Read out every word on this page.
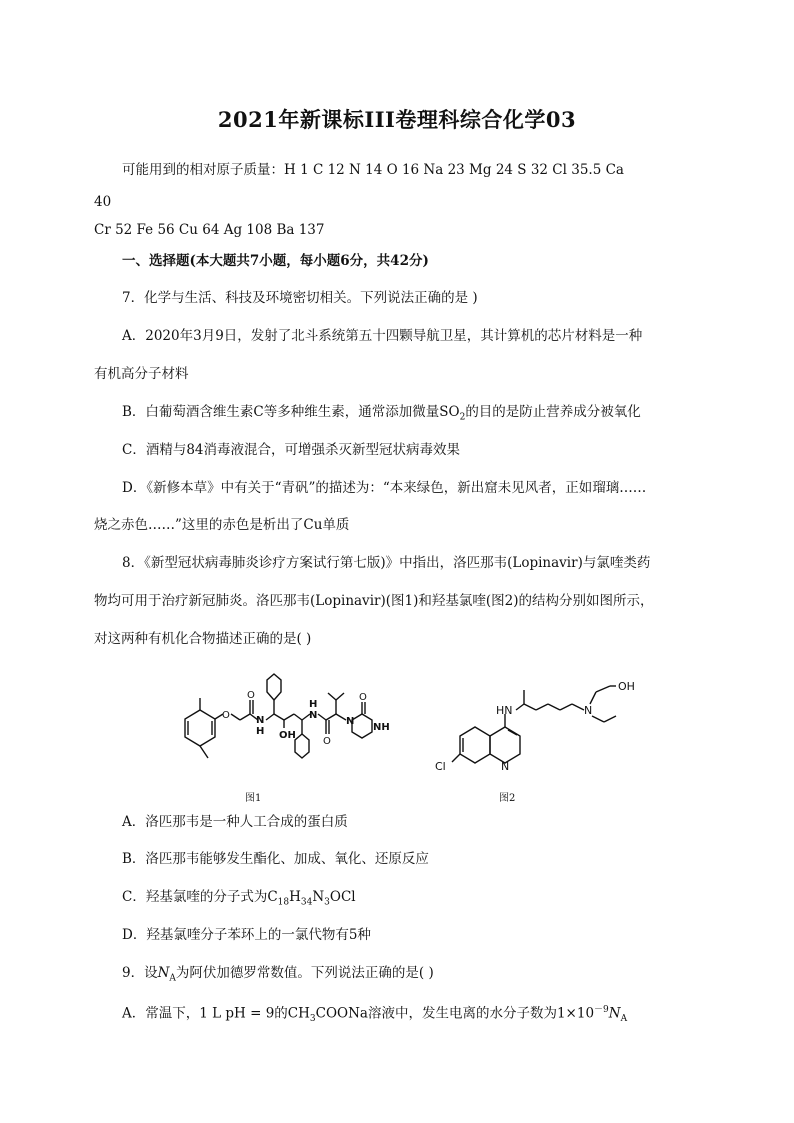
2021年新课标III卷理科综合化学03
可能用到的相对原子质量：H 1 C 12 N 14 O 16 Na 23 Mg 24 S 32 Cl 35.5 Ca
40
Cr 52 Fe 56 Cu 64 Ag 108 Ba 137
一、选择题(本大题共7小题，每小题6分，共42分)
7．化学与生活、科技及环境密切相关。下列说法正确的是 )
A．2020年3月9日，发射了北斗系统第五十四颗导航卫星，其计算机的芯片材料是一种
有机高分子材料
B．白葡萄酒含维生素C等多种维生素，通常添加微量$SO_2$的目的是防止营养成分被氧化
C．酒精与84消毒液混合，可增强杀灭新型冠状病毒效果
D．《新修本草》中有关于“青矾”的描述为：“本来绿色，新出窟未见风者，正如瑠璃……
烧之赤色……”这里的赤色是析出了Cu单质
8．《新型冠状病毒肺炎诊疗方案试行第七版)》中指出，洛匹那韦(Lopinavir)与氯喹类药
物均可用于治疗新冠肺炎。洛匹那韦(Lopinavir)(图1)和羟基氯喹(图2)的结构分别如图所示，
对这两种有机化合物描述正确的是( )
O
O
N
H OH
N
H
O
N
O
NH
图1
HN
OH
N
N
Cl
图2
A．洛匹那韦是一种人工合成的蛋白质
B．洛匹那韦能够发生酯化、加成、氧化、还原反应
C．羟基氯喹的分子式为$C_{18}H_{34}N_3OCl$
D．羟基氯喹分子苯环上的一氯代物有5种
9．设$N_A$为阿伏加德罗常数值。下列说法正确的是( )
A．常温下，1 L pH = 9的$CH_3COONa$溶液中，发生电离的水分子数为$1\times 10^{-9}N_A$
